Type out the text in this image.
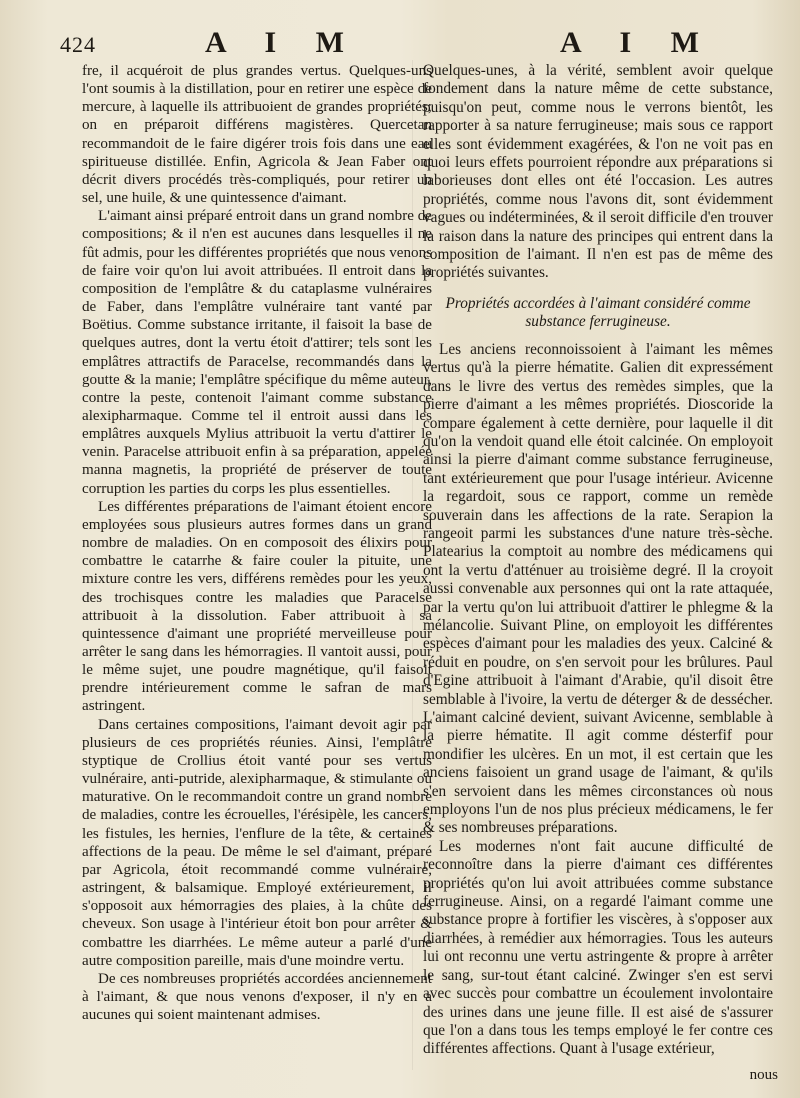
424	A I M	A I M

fre, il acquéroit de plus grandes vertus. Quelques-uns l'ont soumis à la distillation, pour en retirer une espèce de mercure, à laquelle ils attribuoient de grandes propriétés; on en préparoit différens magistères. Quercetan recommandoit de le faire digérer trois fois dans une eau spiritueuse distillée. Enfin, Agricola & Jean Faber ont décrit divers procédés très-compliqués, pour retirer un sel, une huile, & une quintessence d'aimant.

L'aimant ainsi préparé entroit dans un grand nombre de compositions; & il n'en est aucunes dans lesquelles il ne fût admis, pour les différentes propriétés que nous venons de faire voir qu'on lui avoit attribuées. Il entroit dans la composition de l'emplâtre & du cataplasme vulnéraires de Faber, dans l'emplâtre vulnéraire tant vanté par Boëtius. Comme substance irritante, il faisoit la base de quelques autres, dont la vertu étoit d'attirer; tels sont les emplâtres attractifs de Paracelse, recommandés dans la goutte & la manie; l'emplâtre spécifique du même auteur, contre la peste, contenoit l'aimant comme substance alexipharmaque. Comme tel il entroit aussi dans les emplâtres auxquels Mylius attribuoit la vertu d'attirer le venin. Paracelse attribuoit enfin à sa préparation, appelée manna magnetis, la propriété de préserver de toute corruption les parties du corps les plus essentielles.

Les différentes préparations de l'aimant étoient encore employées sous plusieurs autres formes dans un grand nombre de maladies. On en composoit des élixirs pour combattre le catarrhe & faire couler la pituite, une mixture contre les vers, différens remèdes pour les yeux, des trochisques contre les maladies que Paracelse attribuoit à la dissolution. Faber attribuoit à sa quintessence d'aimant une propriété merveilleuse pour arrêter le sang dans les hémorragies. Il vantoit aussi, pour le même sujet, une poudre magnétique, qu'il faisoit prendre intérieurement comme le safran de mars astringent.

Dans certaines compositions, l'aimant devoit agir par plusieurs de ces propriétés réunies. Ainsi, l'emplâtre styptique de Crollius étoit vanté pour ses vertus vulnéraire, anti-putride, alexipharmaque, & stimulante ou maturative. On le recommandoit contre un grand nombre de maladies, contre les écrouelles, l'érésipèle, les cancers, les fistules, les hernies, l'enflure de la tête, & certaines affections de la peau. De même le sel d'aimant, préparé par Agricola, étoit recommandé comme vulnéraire, astringent, & balsamique. Employé extérieurement, il s'opposoit aux hémorragies des plaies, à la chûte des cheveux. Son usage à l'intérieur étoit bon pour arrêter & combattre les diarrhées. Le même auteur a parlé d'une autre composition pareille, mais d'une moindre vertu.

De ces nombreuses propriétés accordées anciennement à l'aimant, & que nous venons d'exposer, il n'y en a aucunes qui soient maintenant admises.

Quelques-unes, à la vérité, semblent avoir quelque fondement dans la nature même de cette substance, puisqu'on peut, comme nous le verrons bientôt, les rapporter à sa nature ferrugineuse; mais sous ce rapport elles sont évidemment exagérées, & l'on ne voit pas en quoi leurs effets pourroient répondre aux préparations si laborieuses dont elles ont été l'occasion. Les autres propriétés, comme nous l'avons dit, sont évidemment vagues ou indéterminées, & il seroit difficile d'en trouver la raison dans la nature des principes qui entrent dans la composition de l'aimant. Il n'en est pas de même des propriétés suivantes.

Propriétés accordées à l'aimant considéré comme
substance ferrugineuse.

Les anciens reconnoissoient à l'aimant les mêmes vertus qu'à la pierre hématite. Galien dit expressément dans le livre des vertus des remèdes simples, que la pierre d'aimant a les mêmes propriétés. Dioscoride la compare également à cette dernière, pour laquelle il dit qu'on la vendoit quand elle étoit calcinée. On employoit ainsi la pierre d'aimant comme substance ferrugineuse, tant extérieurement que pour l'usage intérieur. Avicenne la regardoit, sous ce rapport, comme un remède souverain dans les affections de la rate. Serapion la rangeoit parmi les substances d'une nature très-sèche. Platearius la comptoit au nombre des médicamens qui ont la vertu d'atténuer au troisième degré. Il la croyoit aussi convenable aux personnes qui ont la rate attaquée, par la vertu qu'on lui attribuoit d'attirer le phlegme & la mélancolie. Suivant Pline, on employoit les différentes espèces d'aimant pour les maladies des yeux. Calciné & réduit en poudre, on s'en servoit pour les brûlures. Paul d'Egine attribuoit à l'aimant d'Arabie, qu'il disoit être semblable à l'ivoire, la vertu de déterger & de dessécher. L'aimant calciné devient, suivant Avicenne, semblable à la pierre hématite. Il agit comme désterfif pour mondifier les ulcères. En un mot, il est certain que les anciens faisoient un grand usage de l'aimant, & qu'ils s'en servoient dans les mêmes circonstances où nous employons l'un de nos plus précieux médicamens, le fer & ses nombreuses préparations.

Les modernes n'ont fait aucune difficulté de reconnoître dans la pierre d'aimant ces différentes propriétés qu'on lui avoit attribuées comme substance ferrugineuse. Ainsi, on a regardé l'aimant comme une substance propre à fortifier les viscères, à s'opposer aux diarrhées, à remédier aux hémorragies. Tous les auteurs lui ont reconnu une vertu astringente & propre à arrêter le sang, sur-tout étant calciné. Zwinger s'en est servi avec succès pour combattre un écoulement involontaire des urines dans une jeune fille. Il est aisé de s'assurer que l'on a dans tous les temps employé le fer contre ces différentes affections. Quant à l'usage extérieur,

nous
